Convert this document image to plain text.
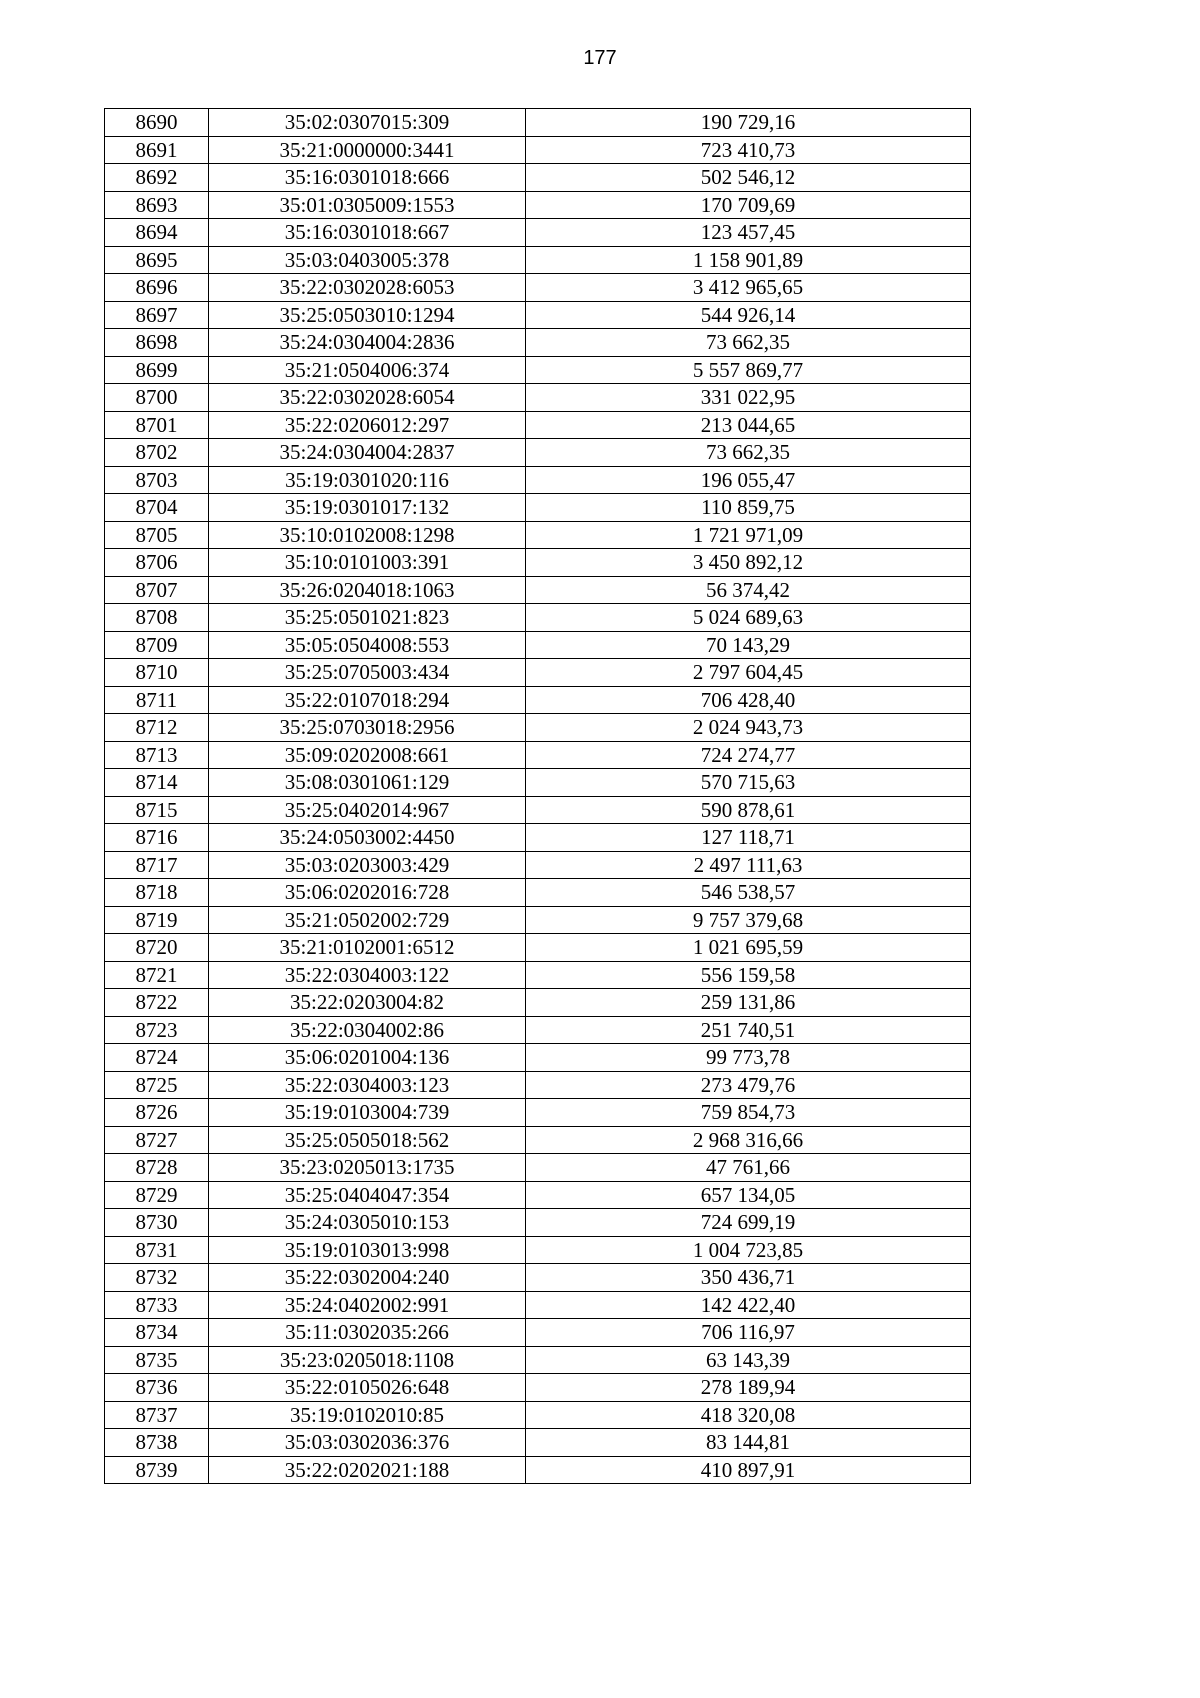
177
8690	35:02:0307015:309	190 729,16
8691	35:21:0000000:3441	723 410,73
8692	35:16:0301018:666	502 546,12
8693	35:01:0305009:1553	170 709,69
8694	35:16:0301018:667	123 457,45
8695	35:03:0403005:378	1 158 901,89
8696	35:22:0302028:6053	3 412 965,65
8697	35:25:0503010:1294	544 926,14
8698	35:24:0304004:2836	73 662,35
8699	35:21:0504006:374	5 557 869,77
8700	35:22:0302028:6054	331 022,95
8701	35:22:0206012:297	213 044,65
8702	35:24:0304004:2837	73 662,35
8703	35:19:0301020:116	196 055,47
8704	35:19:0301017:132	110 859,75
8705	35:10:0102008:1298	1 721 971,09
8706	35:10:0101003:391	3 450 892,12
8707	35:26:0204018:1063	56 374,42
8708	35:25:0501021:823	5 024 689,63
8709	35:05:0504008:553	70 143,29
8710	35:25:0705003:434	2 797 604,45
8711	35:22:0107018:294	706 428,40
8712	35:25:0703018:2956	2 024 943,73
8713	35:09:0202008:661	724 274,77
8714	35:08:0301061:129	570 715,63
8715	35:25:0402014:967	590 878,61
8716	35:24:0503002:4450	127 118,71
8717	35:03:0203003:429	2 497 111,63
8718	35:06:0202016:728	546 538,57
8719	35:21:0502002:729	9 757 379,68
8720	35:21:0102001:6512	1 021 695,59
8721	35:22:0304003:122	556 159,58
8722	35:22:0203004:82	259 131,86
8723	35:22:0304002:86	251 740,51
8724	35:06:0201004:136	99 773,78
8725	35:22:0304003:123	273 479,76
8726	35:19:0103004:739	759 854,73
8727	35:25:0505018:562	2 968 316,66
8728	35:23:0205013:1735	47 761,66
8729	35:25:0404047:354	657 134,05
8730	35:24:0305010:153	724 699,19
8731	35:19:0103013:998	1 004 723,85
8732	35:22:0302004:240	350 436,71
8733	35:24:0402002:991	142 422,40
8734	35:11:0302035:266	706 116,97
8735	35:23:0205018:1108	63 143,39
8736	35:22:0105026:648	278 189,94
8737	35:19:0102010:85	418 320,08
8738	35:03:0302036:376	83 144,81
8739	35:22:0202021:188	410 897,91
